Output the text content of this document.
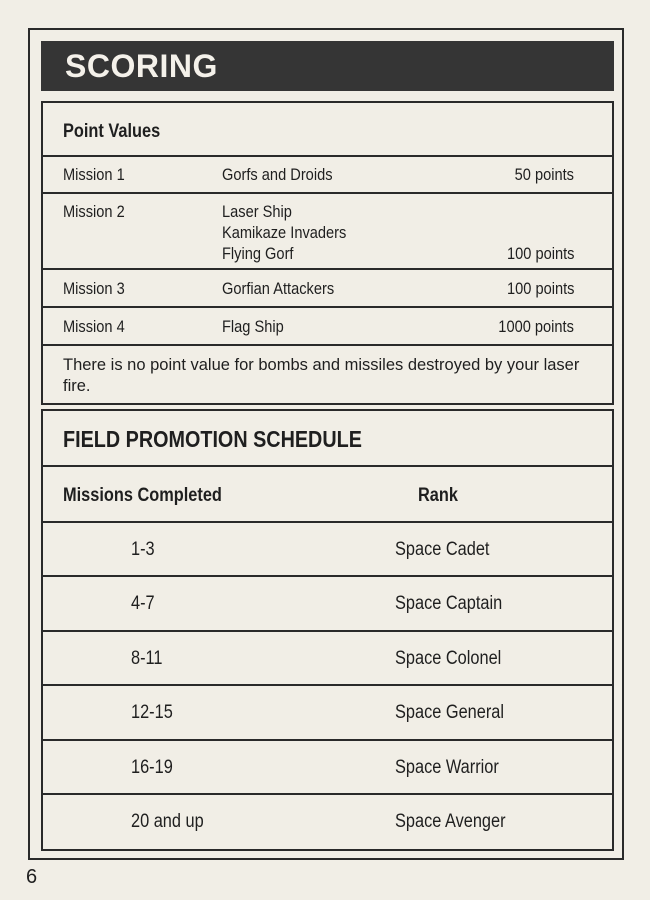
SCORING
Point Values
Mission 1	Gorfs and Droids	50 points
Mission 2	Laser Ship
Kamikaze Invaders
Flying Gorf	100 points
Mission 3	Gorfian Attackers	100 points
Mission 4	Flag Ship	1000 points
There is no point value for bombs and missiles destroyed by your laser fire.
FIELD PROMOTION SCHEDULE
Missions Completed	Rank
1-3	Space Cadet
4-7	Space Captain
8-11	Space Colonel
12-15	Space General
16-19	Space Warrior
20 and up	Space Avenger
6
